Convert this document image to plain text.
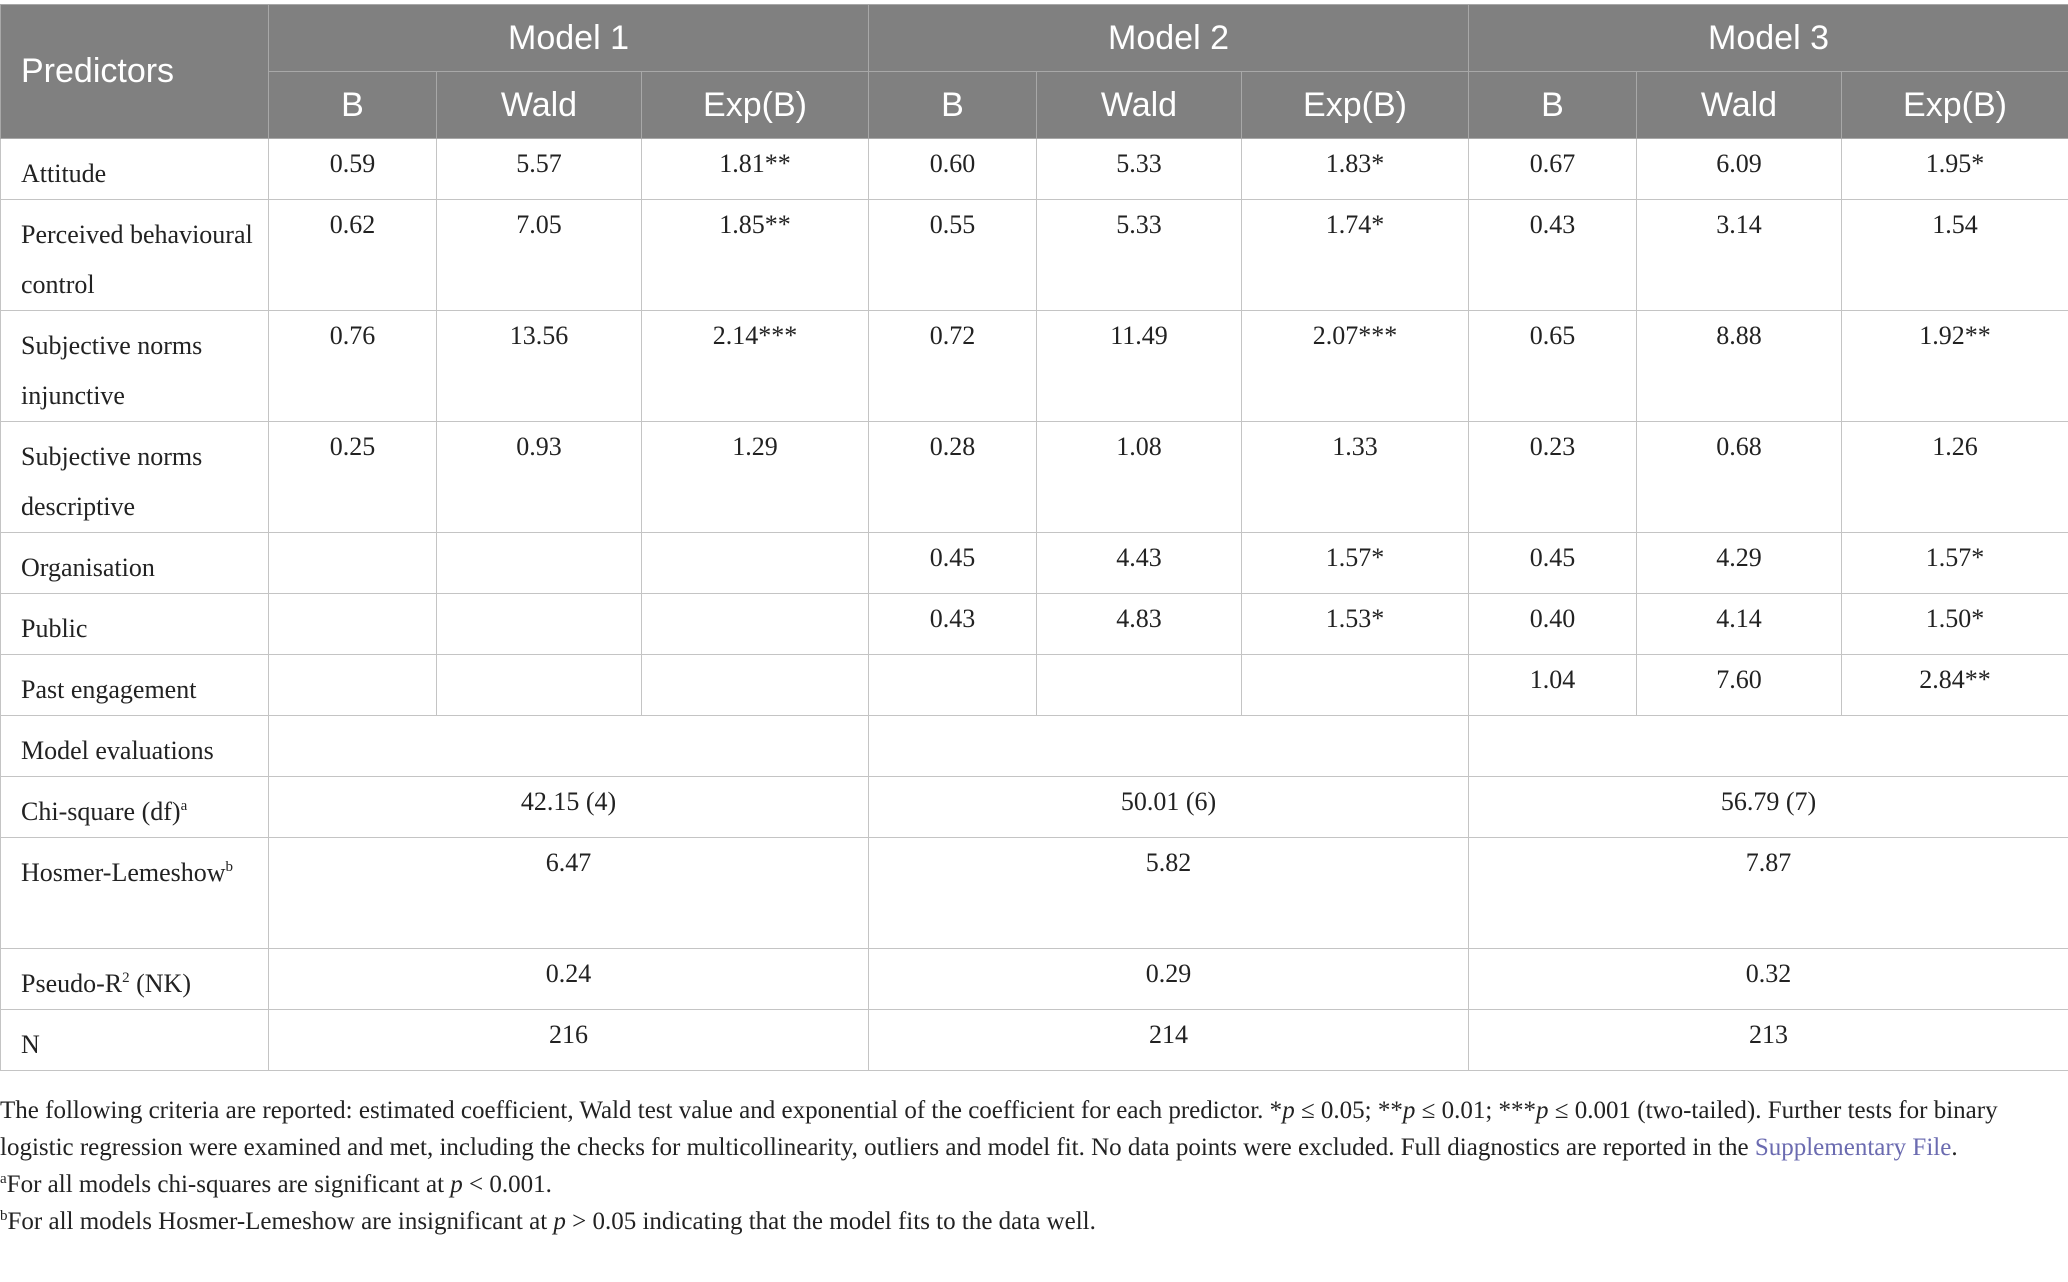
Predictors	Model 1			Model 2			Model 3		
	B	Wald	Exp(B)	B	Wald	Exp(B)	B	Wald	Exp(B)
Attitude	0.59	5.57	1.81**	0.60	5.33	1.83*	0.67	6.09	1.95*
Perceived behavioural control	0.62	7.05	1.85**	0.55	5.33	1.74*	0.43	3.14	1.54
Subjective norms injunctive	0.76	13.56	2.14***	0.72	11.49	2.07***	0.65	8.88	1.92**
Subjective norms descriptive	0.25	0.93	1.29	0.28	1.08	1.33	0.23	0.68	1.26
Organisation				0.45	4.43	1.57*	0.45	4.29	1.57*
Public				0.43	4.83	1.53*	0.40	4.14	1.50*
Past engagement							1.04	7.60	2.84**
Model evaluations									
Chi-square (df)$^a$	42.15 (4)			50.01 (6)			56.79 (7)		
Hosmer-Lemeshow$^b$	6.47			5.82			7.87		
Pseudo-$R^2$ (NK)	0.24			0.29			0.32		
N	216			214			213		

The following criteria are reported: estimated coefficient, Wald test value and exponential of the coefficient for each predictor. *p ≤ 0.05; **p ≤ 0.01; ***p ≤ 0.001 (two-tailed). Further tests for binary logistic regression were examined and met, including the checks for multicollinearity, outliers and model fit. No data points were excluded. Full diagnostics are reported in the Supplementary File.

$^a$For all models chi-squares are significant at p < 0.001.

$^b$For all models Hosmer-Lemeshow are insignificant at p > 0.05 indicating that the model fits to the data well.
